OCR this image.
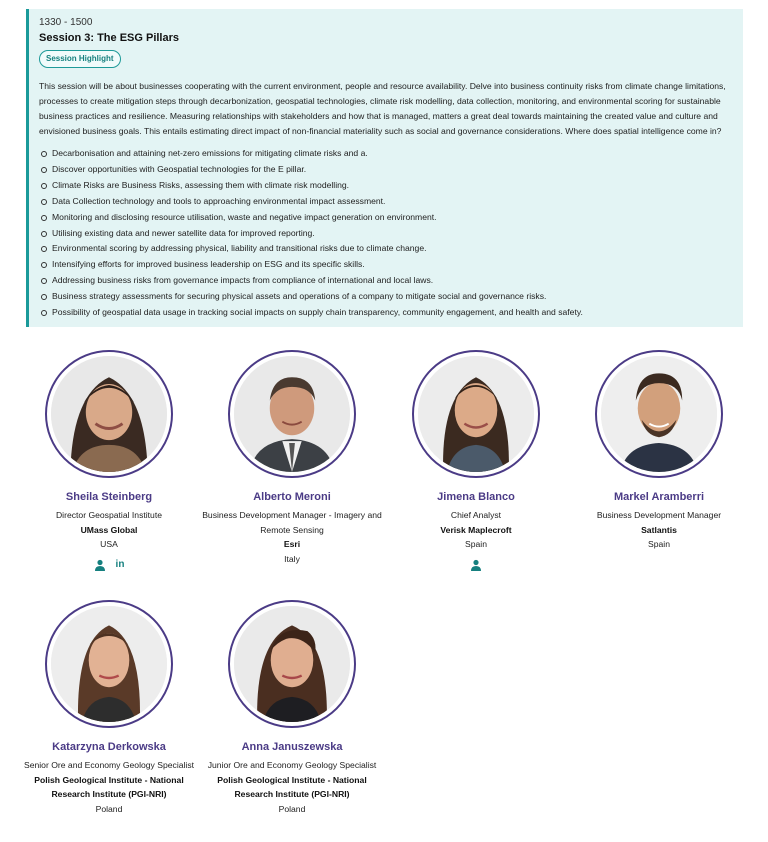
1330 - 1500
Session 3: The ESG Pillars
Session Highlight

This session will be about businesses cooperating with the current environment, people and resource availability. Delve into business continuity risks from climate change limitations, processes to create mitigation steps through decarbonization, geospatial technologies, climate risk modelling, data collection, monitoring, and environmental scoring for sustainable business practices and resilience. Measuring relationships with stakeholders and how that is managed, matters a great deal towards maintaining the created value and culture and envisioned business goals. This entails estimating direct impact of non-financial materiality such as social and governance considerations. Where does spatial intelligence come in?

Decarbonisation and attaining net-zero emissions for mitigating climate risks and a.
Discover opportunities with Geospatial technologies for the E pillar.
Climate Risks are Business Risks, assessing them with climate risk modelling.
Data Collection technology and tools to approaching environmental impact assessment.
Monitoring and disclosing resource utilisation, waste and negative impact generation on environment.
Utilising existing data and newer satellite data for improved reporting.
Environmental scoring by addressing physical, liability and transitional risks due to climate change.
Intensifying efforts for improved business leadership on ESG and its specific skills.
Addressing business risks from governance impacts from compliance of international and local laws.
Business strategy assessments for securing physical assets and operations of a company to mitigate social and governance risks.
Possibility of geospatial data usage in tracking social impacts on supply chain transparency, community engagement, and health and safety.
Sheila Steinberg
Director Geospatial Institute
UMass Global
USA
in
Alberto Meroni
Business Development Manager - Imagery and Remote Sensing
Esri
Italy
Jimena Blanco
Chief Analyst
Verisk Maplecroft
Spain
Markel Aramberri
Business Development Manager
Satlantis
Spain
Katarzyna Derkowska
Senior Ore and Economy Geology Specialist
Polish Geological Institute - National Research Institute (PGI-NRI)
Poland
Anna Januszewska
Junior Ore and Economy Geology Specialist
Polish Geological Institute - National Research Institute (PGI-NRI)
Poland
